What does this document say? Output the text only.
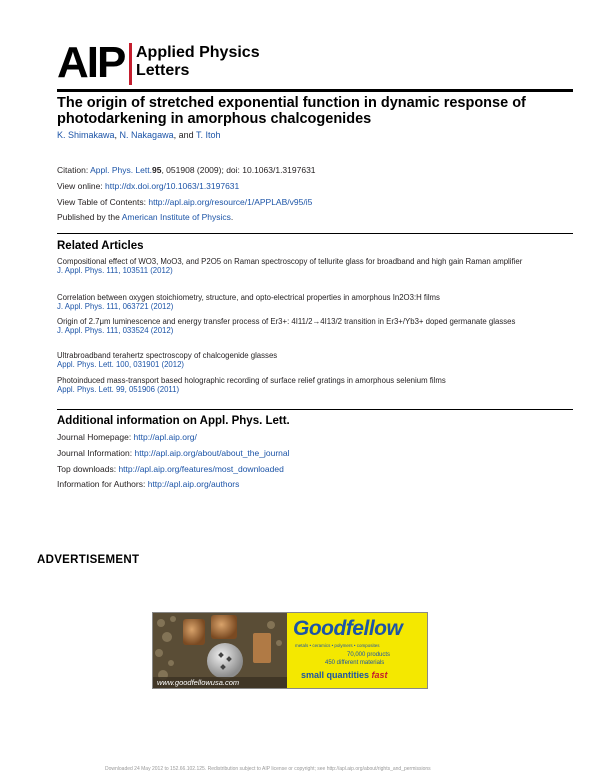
AIP Applied Physics
Letters
The origin of stretched exponential function in dynamic response of photodarkening in amorphous chalcogenides
K. Shimakawa, N. Nakagawa, and T. Itoh
Citation: Appl. Phys. Lett.95, 051908 (2009); doi: 10.1063/1.3197631
View online: http://dx.doi.org/10.1063/1.3197631
View Table of Contents: http://apl.aip.org/resource/1/APPLAB/v95/i5
Published by the American Institute of Physics.
Related Articles
Compositional effect of WO3, MoO3, and P2O5 on Raman spectroscopy of tellurite glass for broadband and high gain Raman amplifier
J. Appl. Phys. 111, 103511 (2012)
Correlation between oxygen stoichiometry, structure, and opto-electrical properties in amorphous In2O3:H films
J. Appl. Phys. 111, 063721 (2012)
Origin of 2.7μm luminescence and energy transfer process of Er3+: 4I11/2→4I13/2 transition in Er3+/Yb3+ doped germanate glasses
J. Appl. Phys. 111, 033524 (2012)
Ultrabroadband terahertz spectroscopy of chalcogenide glasses
Appl. Phys. Lett. 100, 031901 (2012)
Photoinduced mass-transport based holographic recording of surface relief gratings in amorphous selenium films
Appl. Phys. Lett. 99, 051906 (2011)
Additional information on Appl. Phys. Lett.
Journal Homepage: http://apl.aip.org/
Journal Information: http://apl.aip.org/about/about_the_journal
Top downloads: http://apl.aip.org/features/most_downloaded
Information for Authors: http://apl.aip.org/authors
ADVERTISEMENT
www.goodfellowusa.com
Goodfellow
metals • ceramics • polymers • composites
70,000 products
450 different materials
small quantities fast
Downloaded 24 May 2012 to 152.66.102.125. Redistribution subject to AIP license or copyright; see http://apl.aip.org/about/rights_and_permissions
